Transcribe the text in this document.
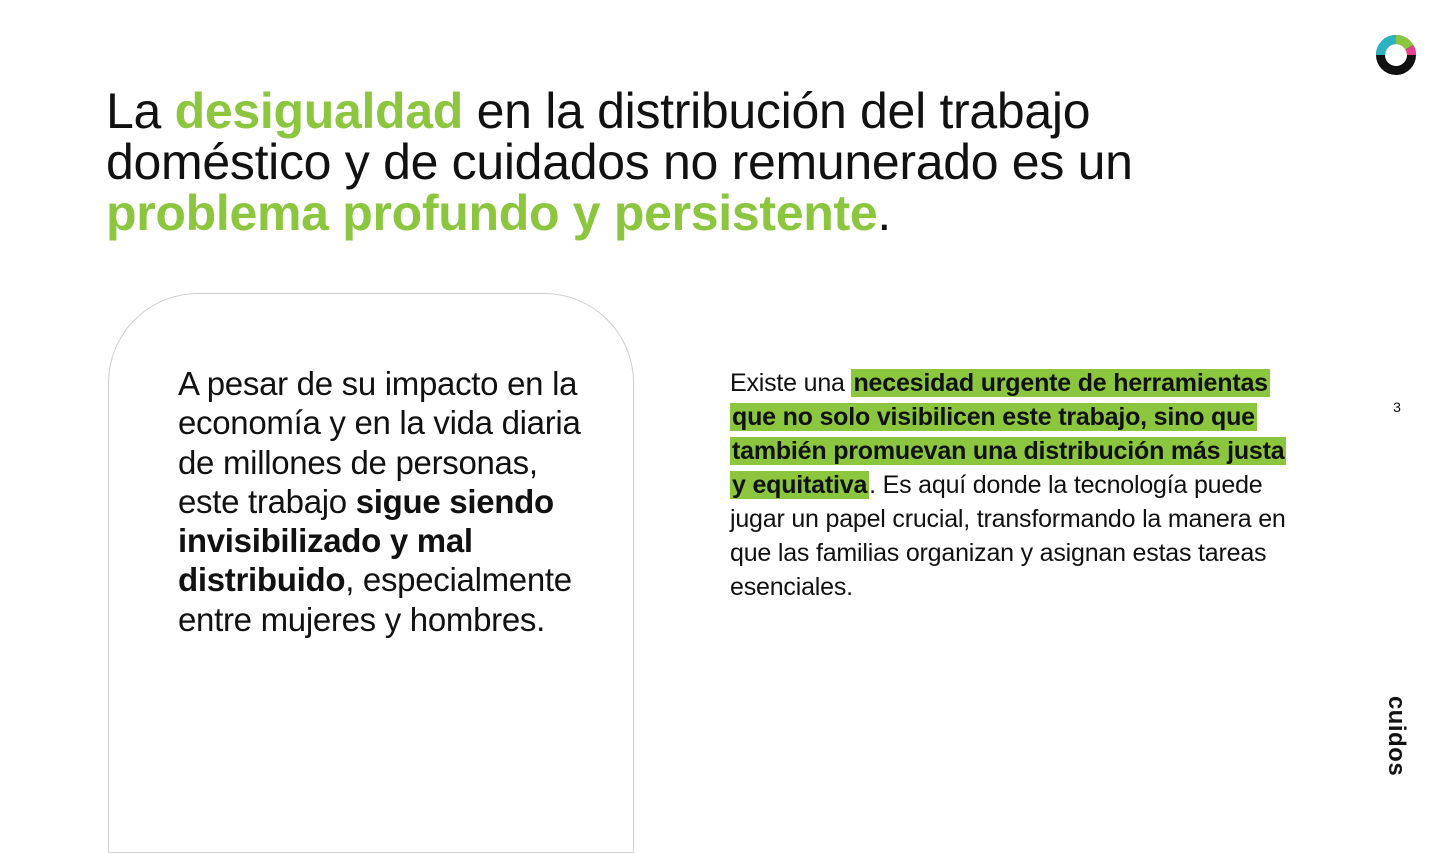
La desigualdad en la distribución del trabajo doméstico y de cuidados no remunerado es un problema profundo y persistente.

A pesar de su impacto en la economía y en la vida diaria de millones de personas, este trabajo sigue siendo invisibilizado y mal distribuido, especialmente entre mujeres y hombres.

Existe una necesidad urgente de herramientas que no solo visibilicen este trabajo, sino que también promuevan una distribución más justa y equitativa. Es aquí donde la tecnología puede jugar un papel crucial, transformando la manera en que las familias organizan y asignan estas tareas esenciales.

3
cuidos
